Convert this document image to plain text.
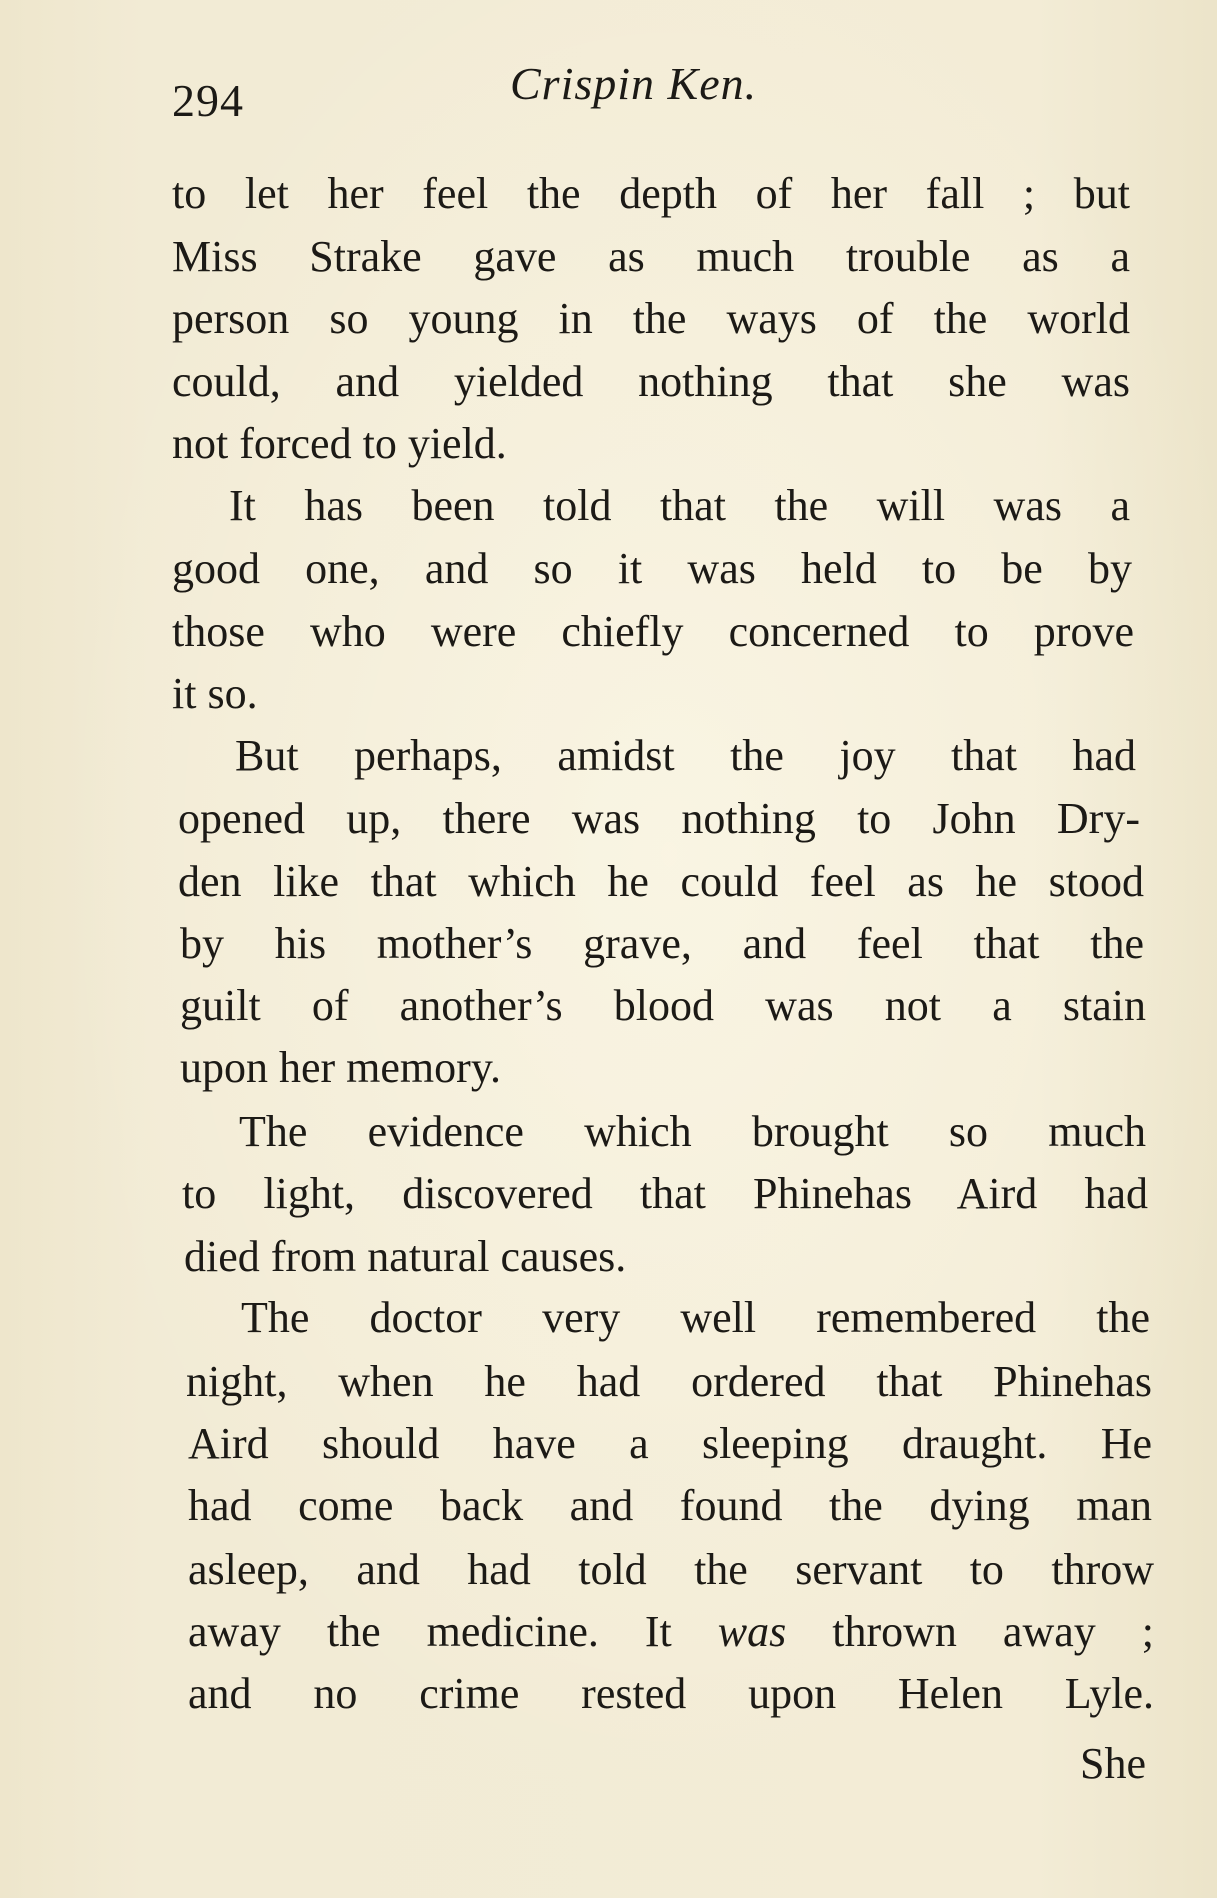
294	Crispin Ken.
to let her feel the depth of her fall ; but
Miss Strake gave as much trouble as a
person so young in the ways of the world
could, and yielded nothing that she was
not forced to yield.
It has been told that the will was a
good one, and so it was held to be by
those who were chiefly concerned to prove
it so.
But perhaps, amidst the joy that had
opened up, there was nothing to John Dry-
den like that which he could feel as he stood
by his mother’s grave, and feel that the
guilt of another’s blood was not a stain
upon her memory.
The evidence which brought so much
to light, discovered that Phinehas Aird had
died from natural causes.
The doctor very well remembered the
night, when he had ordered that Phinehas
Aird should have a sleeping draught. He
had come back and found the dying man
asleep, and had told the servant to throw
away the medicine. It was thrown away ;
and no crime rested upon Helen Lyle.
She
